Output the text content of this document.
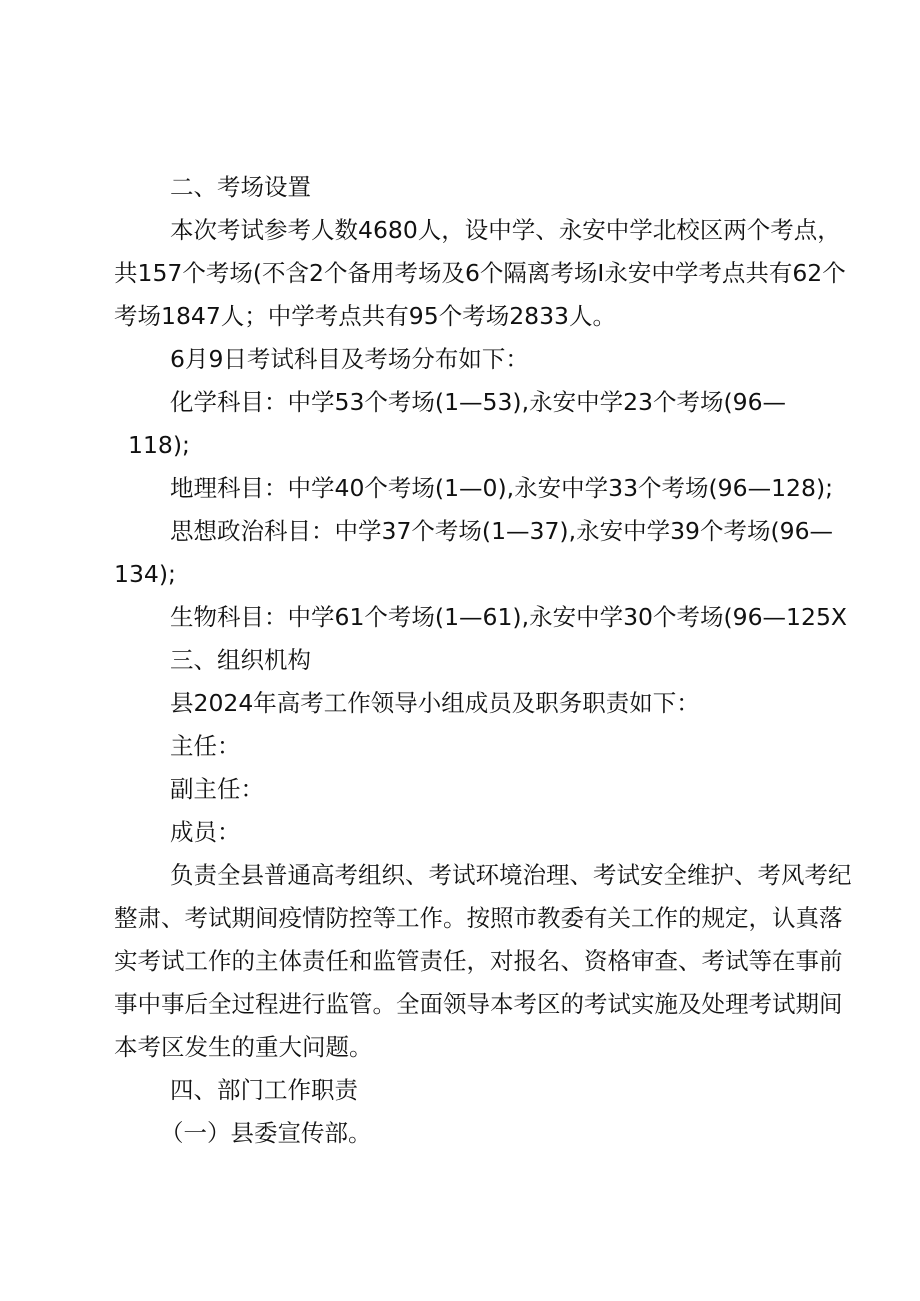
二、考场设置
本次考试参考人数4680人，设中学、永安中学北校区两个考点，
共157个考场(不含2个备用考场及6个隔离考场I永安中学考点共有62个
考场1847人；中学考点共有95个考场2833人。
6月9日考试科目及考场分布如下：
化学科目：中学53个考场(1—53),永安中学23个考场(96—
118);
地理科目：中学40个考场(1—0),永安中学33个考场(96—128);
思想政治科目：中学37个考场(1—37),永安中学39个考场(96—
134);
生物科目：中学61个考场(1—61),永安中学30个考场(96—125X
三、组织机构
县2024年高考工作领导小组成员及职务职责如下：
主任：
副主任：
成员：
负责全县普通高考组织、考试环境治理、考试安全维护、考风考纪
整肃、考试期间疫情防控等工作。按照市教委有关工作的规定，认真落
实考试工作的主体责任和监管责任，对报名、资格审查、考试等在事前
事中事后全过程进行监管。全面领导本考区的考试实施及处理考试期间
本考区发生的重大问题。
四、部门工作职责
（一）县委宣传部。
